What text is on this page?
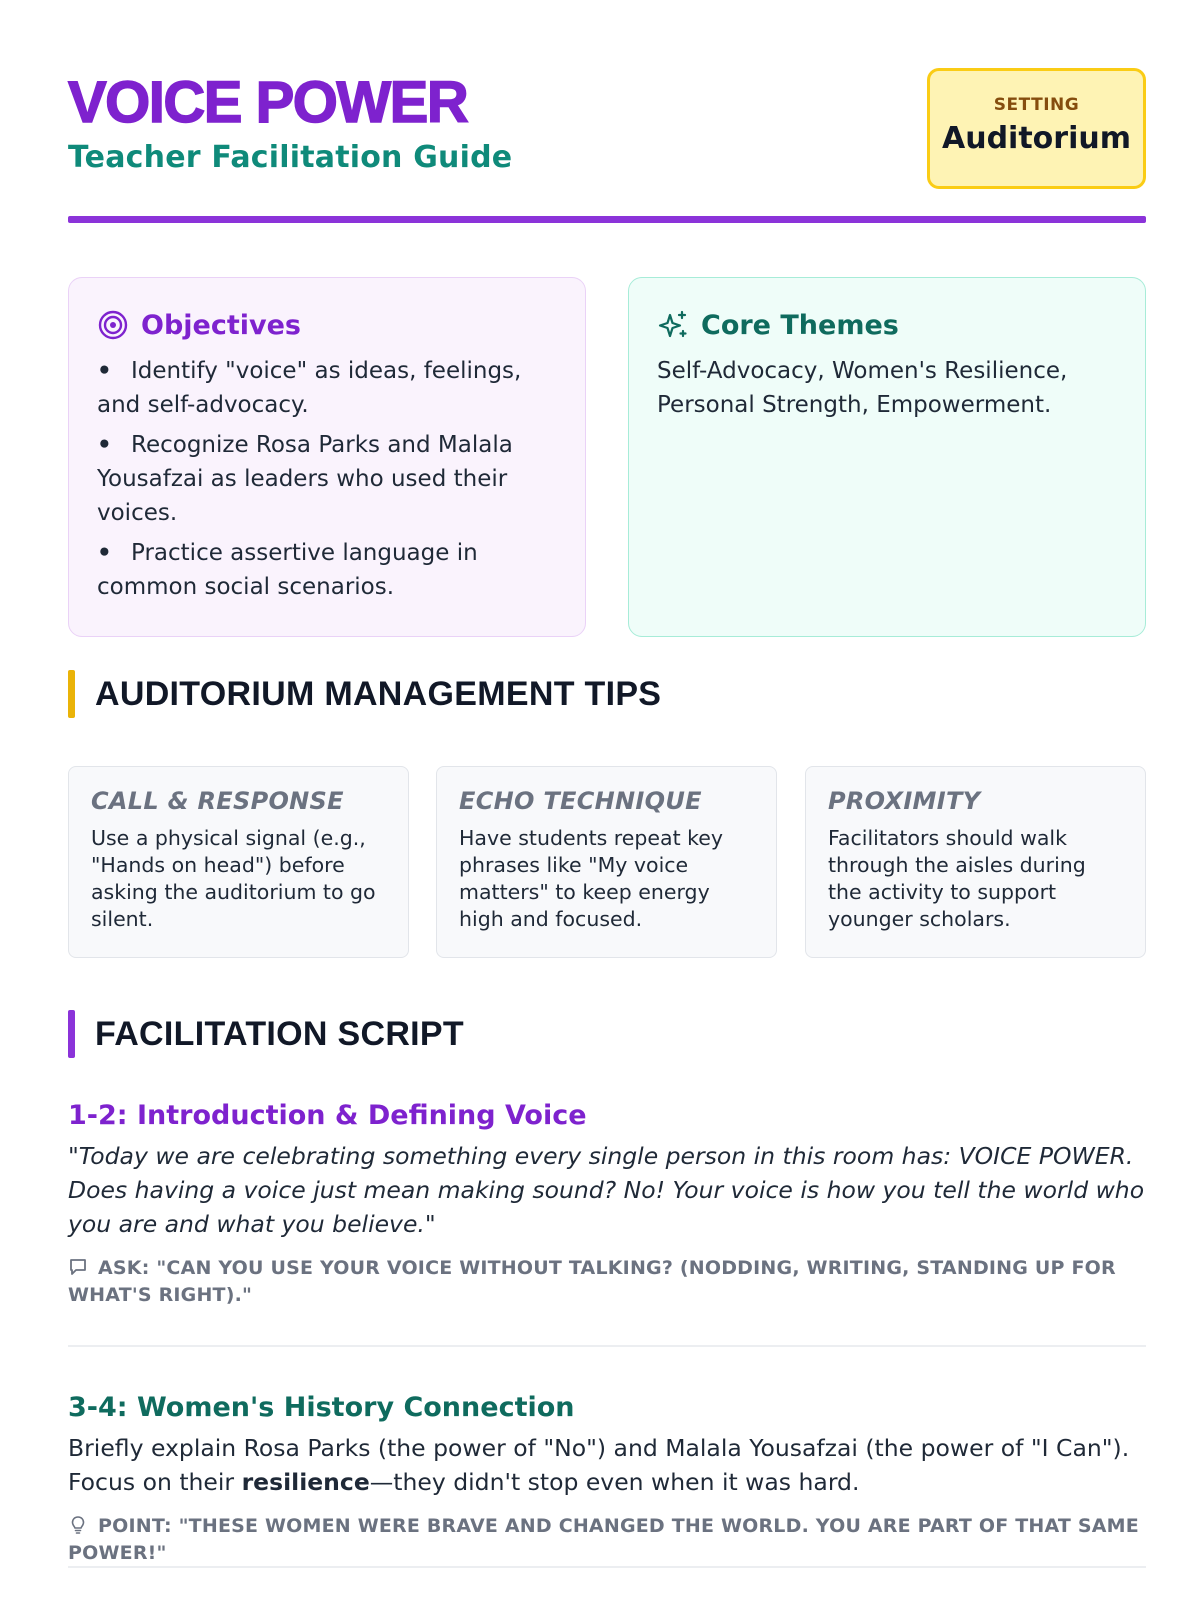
VOICE POWER
Teacher Facilitation Guide
SETTING
Auditorium
Objectives
• Identify "voice" as ideas, feelings, and self-advocacy.
• Recognize Rosa Parks and Malala Yousafzai as leaders who used their voices.
• Practice assertive language in common social scenarios.
Core Themes
Self-Advocacy, Women's Resilience, Personal Strength, Empowerment.
AUDITORIUM MANAGEMENT TIPS
CALL & RESPONSE
Use a physical signal (e.g., "Hands on head") before asking the auditorium to go silent.
ECHO TECHNIQUE
Have students repeat key phrases like "My voice matters" to keep energy high and focused.
PROXIMITY
Facilitators should walk through the aisles during the activity to support younger scholars.
FACILITATION SCRIPT
1-2: Introduction & Defining Voice
"Today we are celebrating something every single person in this room has: VOICE POWER. Does having a voice just mean making sound? No! Your voice is how you tell the world who you are and what you believe."
ASK: "CAN YOU USE YOUR VOICE WITHOUT TALKING? (NODDING, WRITING, STANDING UP FOR WHAT'S RIGHT)."
3-4: Women's History Connection
Briefly explain Rosa Parks (the power of "No") and Malala Yousafzai (the power of "I Can"). Focus on their resilience—they didn't stop even when it was hard.
POINT: "THESE WOMEN WERE BRAVE AND CHANGED THE WORLD. YOU ARE PART OF THAT SAME POWER!"
